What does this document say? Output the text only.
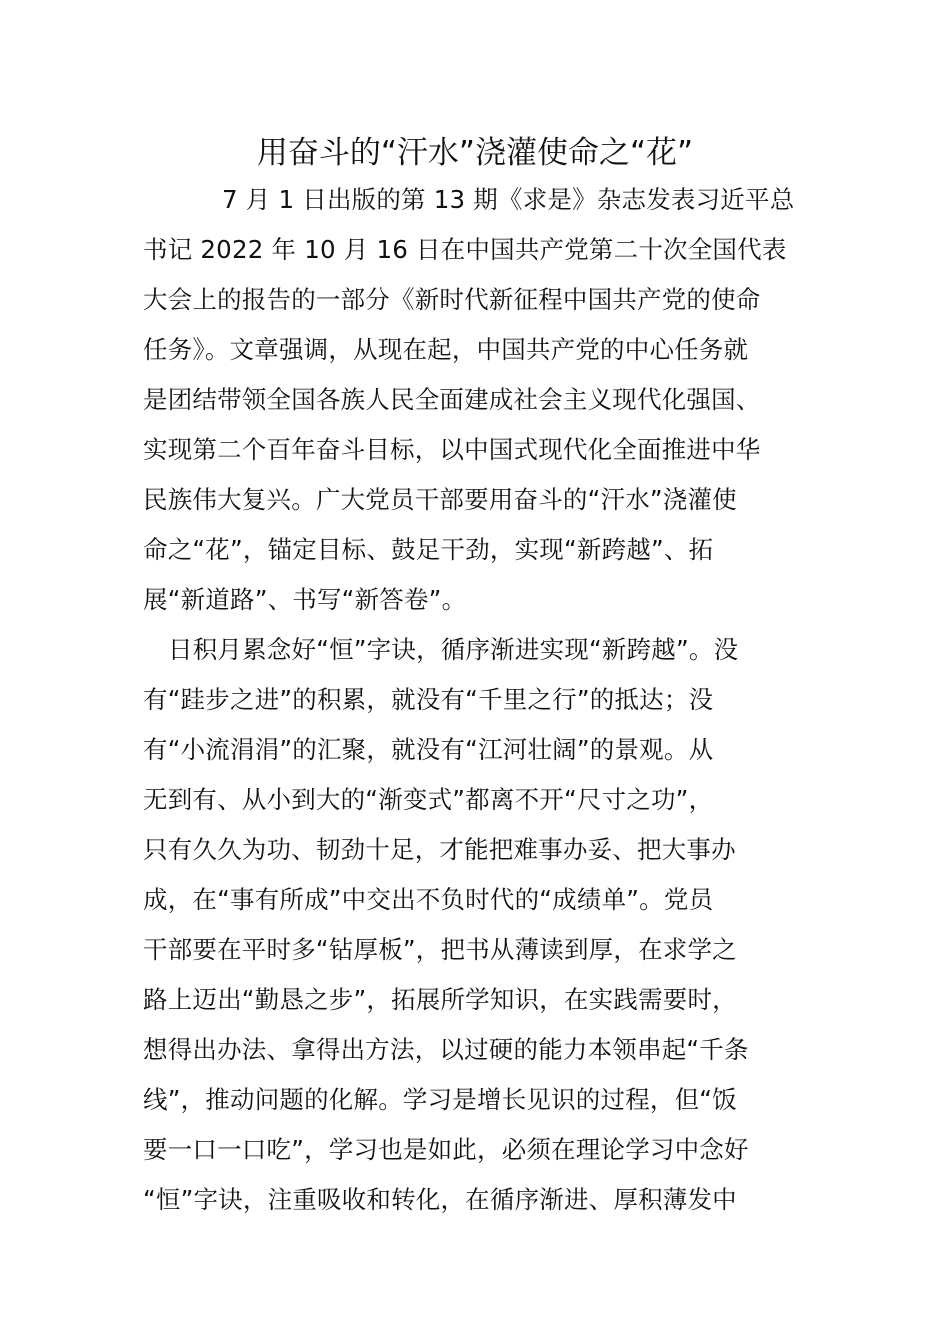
用奋斗的“汗水”浇灌使命之“花”
7 月 1 日出版的第 13 期《求是》杂志发表习近平总
书记 2022 年 10 月 16 日在中国共产党第二十次全国代表
大会上的报告的一部分《新时代新征程中国共产党的使命
任务》。文章强调，从现在起，中国共产党的中心任务就
是团结带领全国各族人民全面建成社会主义现代化强国、
实现第二个百年奋斗目标，以中国式现代化全面推进中华
民族伟大复兴。广大党员干部要用奋斗的“汗水”浇灌使
命之“花”，锚定目标、鼓足干劲，实现“新跨越”、拓
展“新道路”、书写“新答卷”。
日积月累念好“恒”字诀，循序渐进实现“新跨越”。没
有“跬步之进”的积累，就没有“千里之行”的抵达；没
有“小流涓涓”的汇聚，就没有“江河壮阔”的景观。从
无到有、从小到大的“渐变式”都离不开“尺寸之功”，
只有久久为功、韧劲十足，才能把难事办妥、把大事办
成，在“事有所成”中交出不负时代的“成绩单”。党员
干部要在平时多“钻厚板”，把书从薄读到厚，在求学之
路上迈出“勤恳之步”，拓展所学知识，在实践需要时，
想得出办法、拿得出方法，以过硬的能力本领串起“千条
线”，推动问题的化解。学习是增长见识的过程，但“饭
要一口一口吃”，学习也是如此，必须在理论学习中念好
“恒”字诀，注重吸收和转化，在循序渐进、厚积薄发中
